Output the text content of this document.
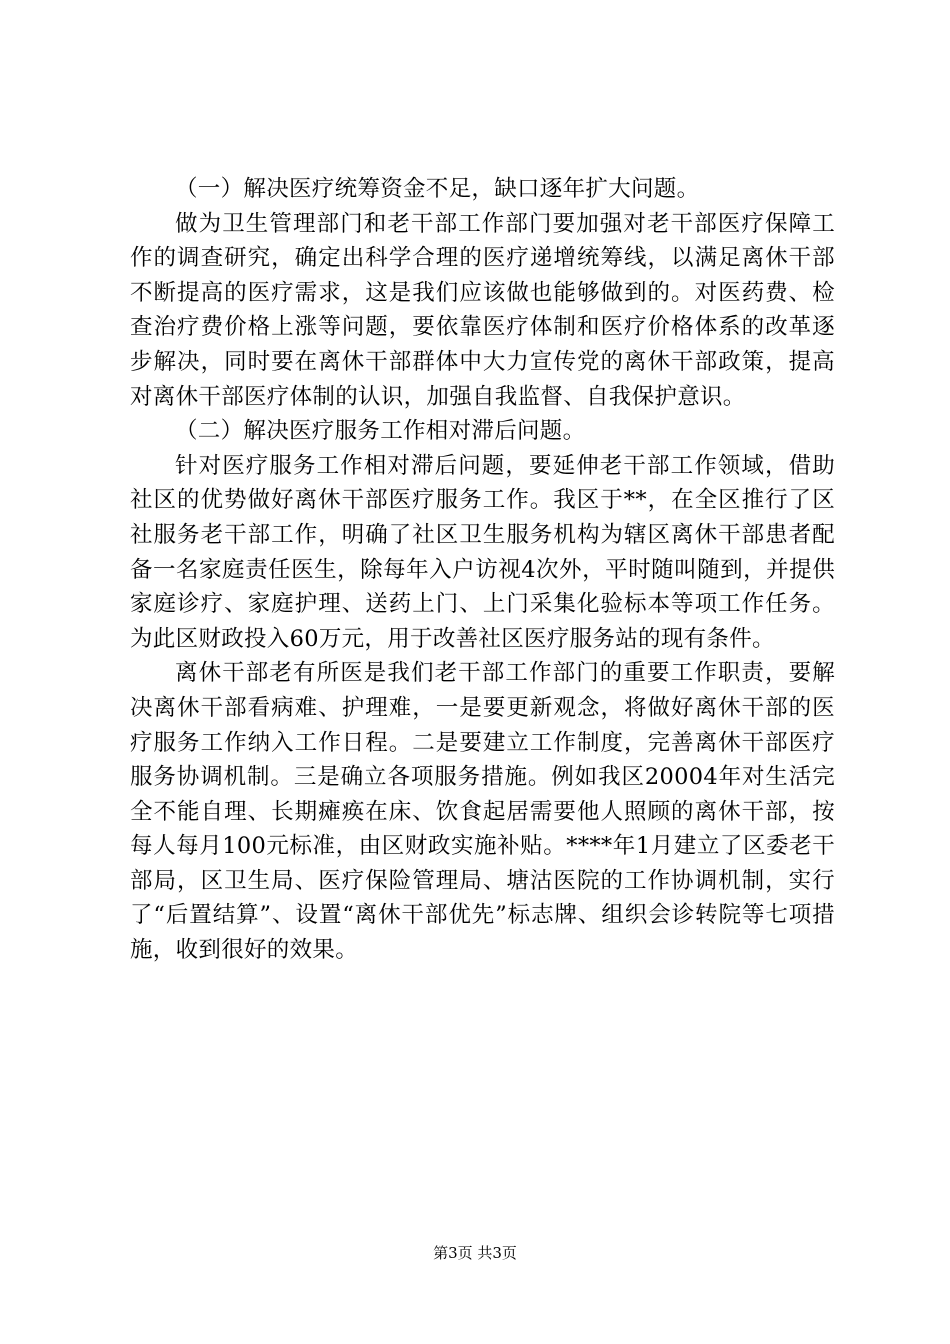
（一）解决医疗统筹资金不足，缺口逐年扩大问题。

做为卫生管理部门和老干部工作部门要加强对老干部医疗保障工作的调查研究，确定出科学合理的医疗递增统筹线，以满足离休干部不断提高的医疗需求，这是我们应该做也能够做到的。对医药费、检查治疗费价格上涨等问题，要依靠医疗体制和医疗价格体系的改革逐步解决，同时要在离休干部群体中大力宣传党的离休干部政策，提高对离休干部医疗体制的认识，加强自我监督、自我保护意识。

（二）解决医疗服务工作相对滞后问题。

针对医疗服务工作相对滞后问题，要延伸老干部工作领域，借助社区的优势做好离休干部医疗服务工作。我区于**，在全区推行了区社服务老干部工作，明确了社区卫生服务机构为辖区离休干部患者配备一名家庭责任医生，除每年入户访视4次外，平时随叫随到，并提供家庭诊疗、家庭护理、送药上门、上门采集化验标本等项工作任务。为此区财政投入60万元，用于改善社区医疗服务站的现有条件。

离休干部老有所医是我们老干部工作部门的重要工作职责，要解决离休干部看病难、护理难，一是要更新观念，将做好离休干部的医疗服务工作纳入工作日程。二是要建立工作制度，完善离休干部医疗服务协调机制。三是确立各项服务措施。例如我区20004年对生活完全不能自理、长期瘫痪在床、饮食起居需要他人照顾的离休干部，按每人每月100元标准，由区财政实施补贴。****年1月建立了区委老干部局，区卫生局、医疗保险管理局、塘沽医院的工作协调机制，实行了“后置结算”、设置“离休干部优先”标志牌、组织会诊转院等七项措施，收到很好的效果。

第3页 共3页
